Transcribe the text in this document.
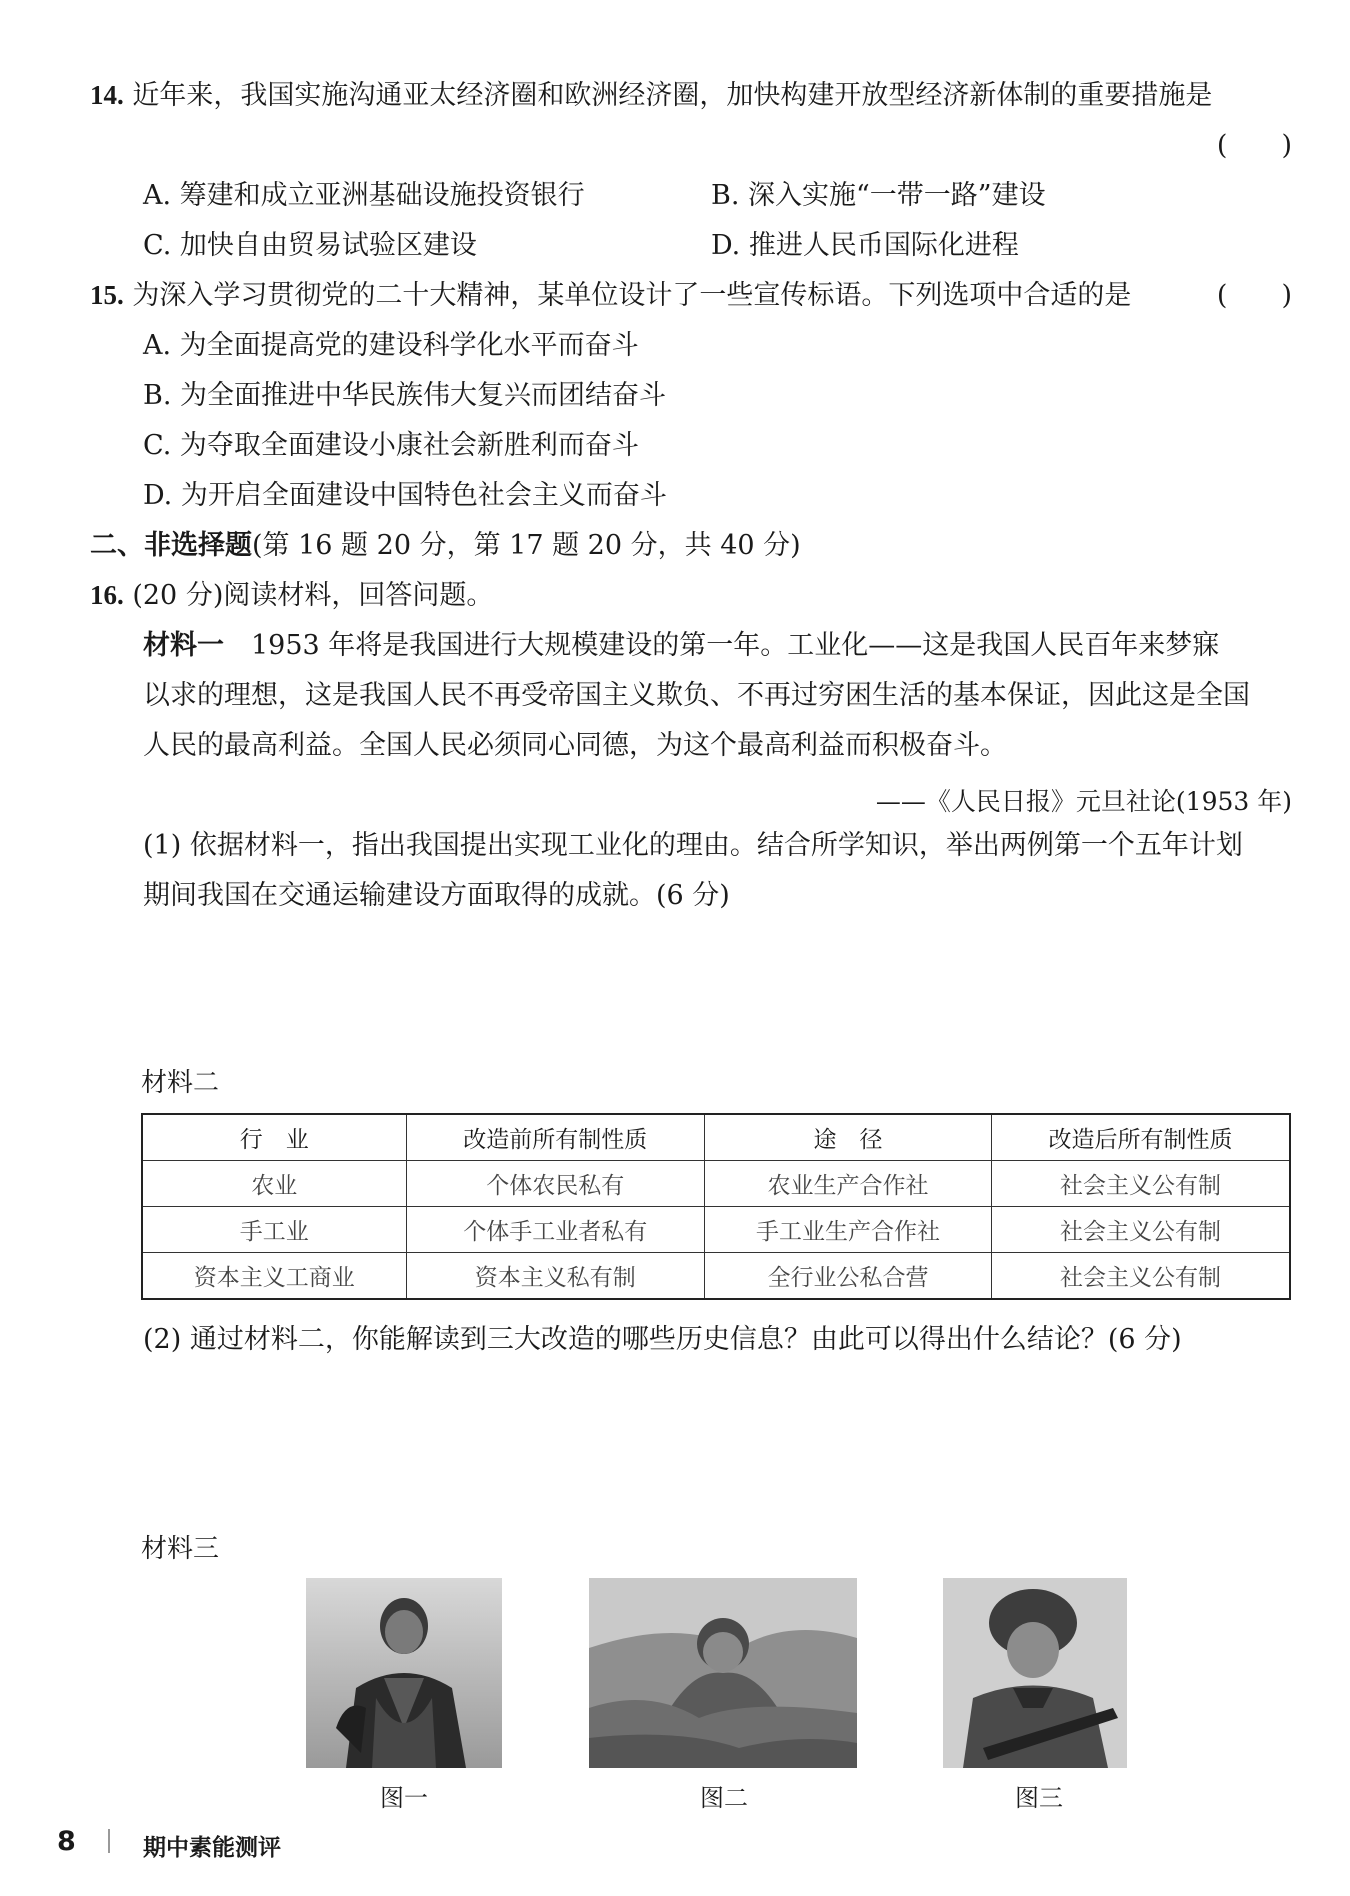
14. 近年来，我国实施沟通亚太经济圈和欧洲经济圈，加快构建开放型经济新体制的重要措施是
(　　)
A. 筹建和成立亚洲基础设施投资银行	B. 深入实施“一带一路”建设
C. 加快自由贸易试验区建设	D. 推进人民币国际化进程
15. 为深入学习贯彻党的二十大精神，某单位设计了一些宣传标语。下列选项中合适的是	(　　)
A. 为全面提高党的建设科学化水平而奋斗
B. 为全面推进中华民族伟大复兴而团结奋斗
C. 为夺取全面建设小康社会新胜利而奋斗
D. 为开启全面建设中国特色社会主义而奋斗
二、非选择题(第 16 题 20 分，第 17 题 20 分，共 40 分)
16. (20 分)阅读材料，回答问题。
材料一　 1953 年将是我国进行大规模建设的第一年。工业化——这是我国人民百年来梦寐
以求的理想，这是我国人民不再受帝国主义欺负、不再过穷困生活的基本保证，因此这是全国
人民的最高利益。全国人民必须同心同德，为这个最高利益而积极奋斗。
——《人民日报》元旦社论(1953 年)
(1) 依据材料一，指出我国提出实现工业化的理由。结合所学知识，举出两例第一个五年计划
期间我国在交通运输建设方面取得的成就。(6 分)
材料二
行　业	改造前所有制性质	途　径	改造后所有制性质
农业	个体农民私有	农业生产合作社	社会主义公有制
手工业	个体手工业者私有	手工业生产合作社	社会主义公有制
资本主义工商业	资本主义私有制	全行业公私合营	社会主义公有制
(2) 通过材料二，你能解读到三大改造的哪些历史信息？由此可以得出什么结论？(6 分)
材料三
图一	图二	图三
8	期中素能测评
